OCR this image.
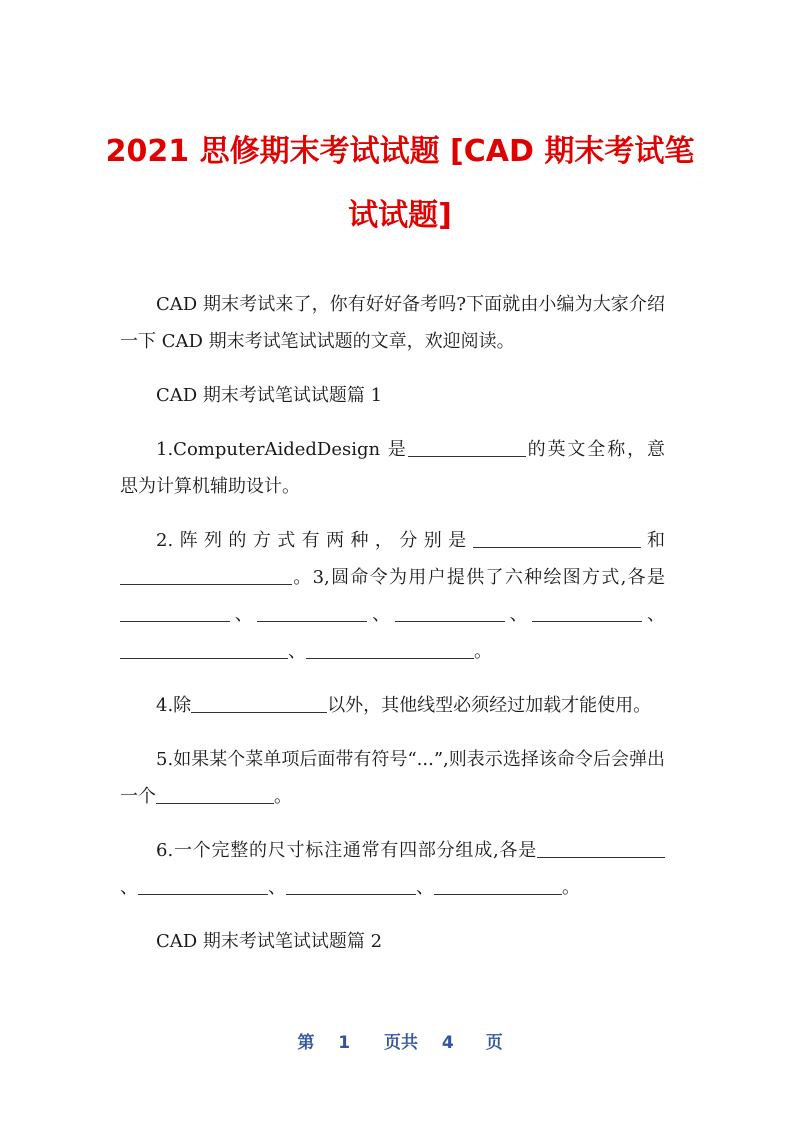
2021 思修期末考试试题 [CAD 期末考试笔
试试题]

CAD 期末考试来了，你有好好备考吗?下面就由小编为大家介绍一下 CAD 期末考试笔试试题的文章，欢迎阅读。

CAD 期末考试笔试试题篇 1

1.ComputerAidedDesign 是	的英文全称，意思为计算机辅助设计。

2.阵列的方式有两种，分别是	和。3,圆命令为用户提供了六种绘图方式,各是、	、	、	、、	。

4.除	以外，其他线型必须经过加载才能使用。

5.如果某个菜单项后面带有符号“...”,则表示选择该命令后会弹出一个	。

6.一个完整的尺寸标注通常有四部分组成,各是、	、	、	。

CAD 期末考试笔试试题篇 2

第 1 页共 4 页
